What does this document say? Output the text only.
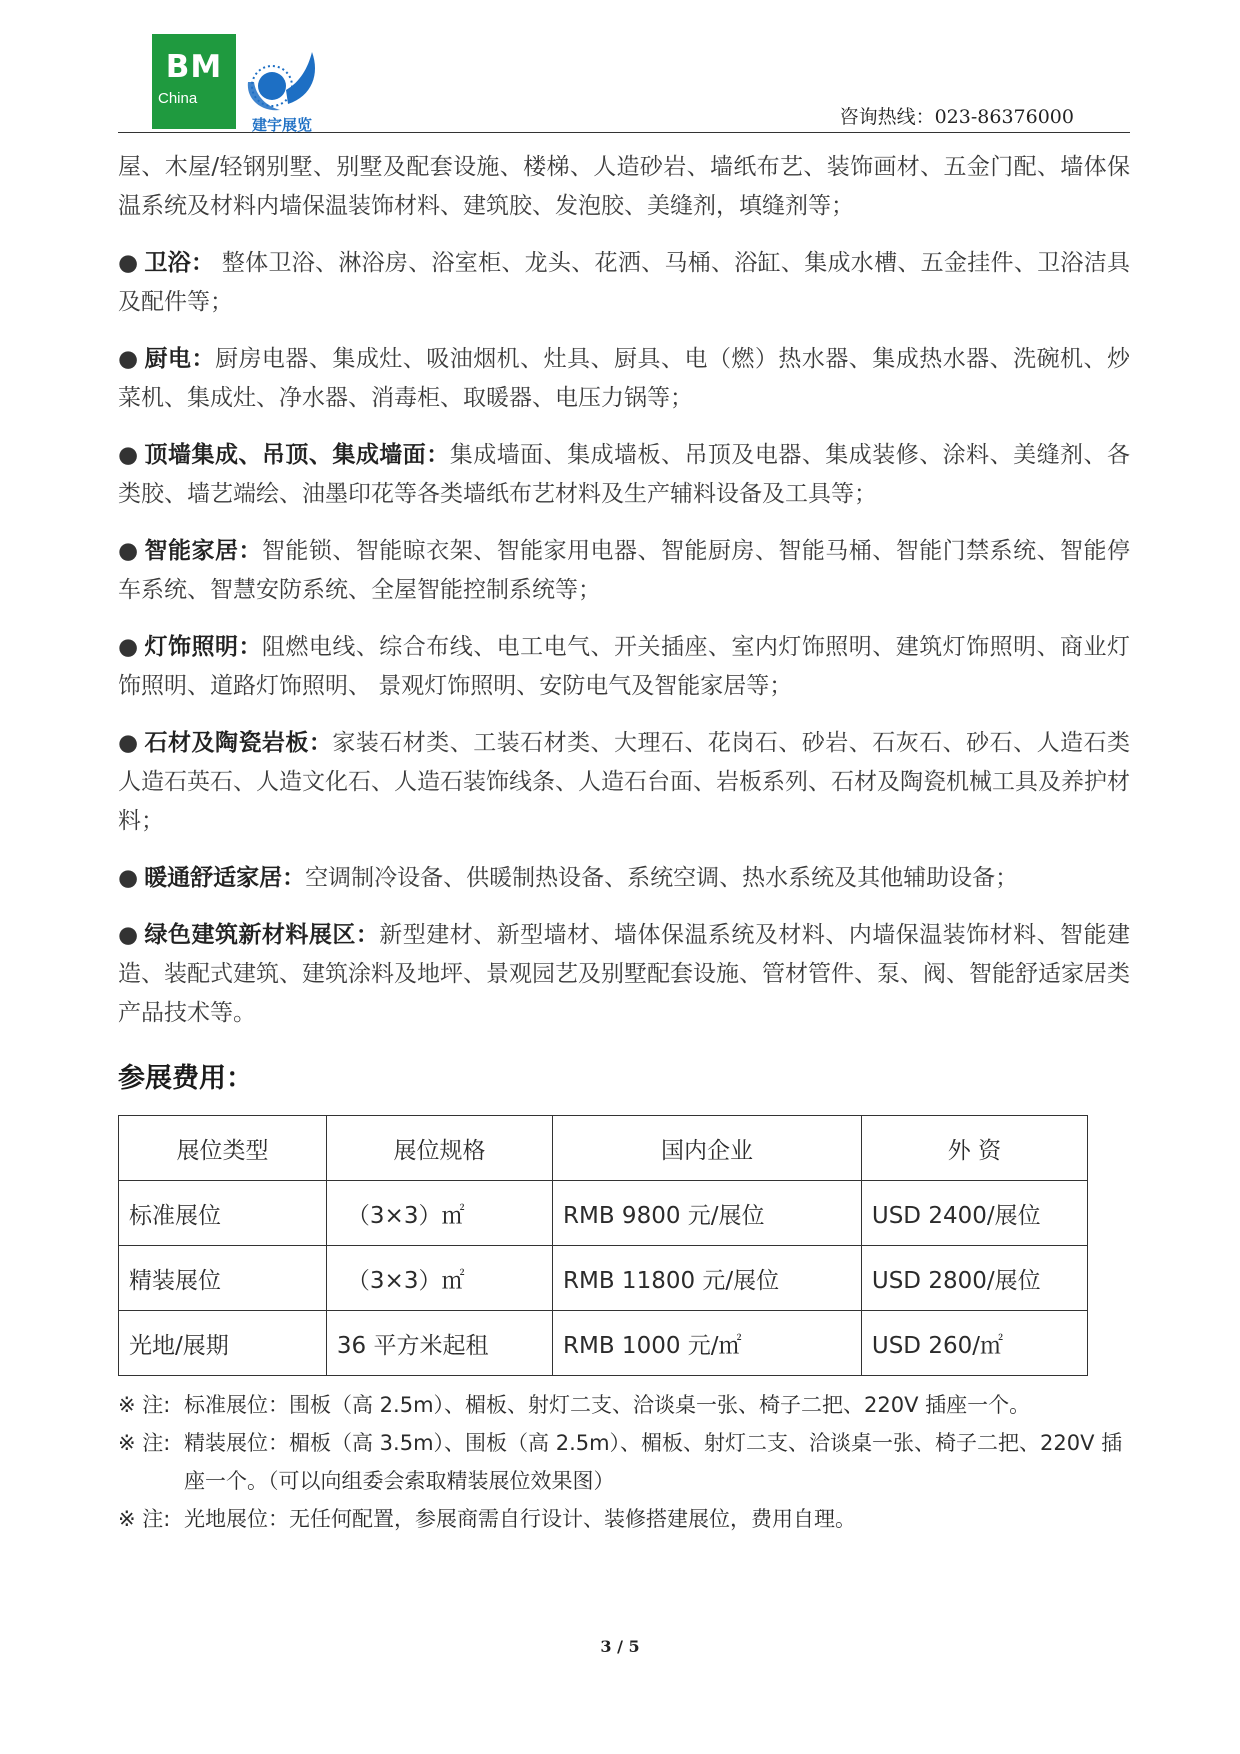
BM
China
建宇展览	咨询热线：023-86376000

屋、木屋/轻钢别墅、别墅及配套设施、楼梯、人造砂岩、墙纸布艺、装饰画材、五金门配、墙体保温系统及材料内墙保温装饰材料、建筑胶、发泡胶、美缝剂，填缝剂等；

● 卫浴： 整体卫浴、淋浴房、浴室柜、龙头、花洒、马桶、浴缸、集成水槽、五金挂件、卫浴洁具及配件等；

● 厨电：厨房电器、集成灶、吸油烟机、灶具、厨具、电（燃）热水器、集成热水器、洗碗机、炒菜机、集成灶、净水器、消毒柜、取暖器、电压力锅等；

● 顶墙集成、吊顶、集成墙面：集成墙面、集成墙板、吊顶及电器、集成装修、涂料、美缝剂、各类胶、墙艺端绘、油墨印花等各类墙纸布艺材料及生产辅料设备及工具等；

● 智能家居：智能锁、智能晾衣架、智能家用电器、智能厨房、智能马桶、智能门禁系统、智能停车系统、智慧安防系统、全屋智能控制系统等；

● 灯饰照明：阻燃电线、综合布线、电工电气、开关插座、室内灯饰照明、建筑灯饰照明、商业灯饰照明、道路灯饰照明、 景观灯饰照明、安防电气及智能家居等；

● 石材及陶瓷岩板：家装石材类、工装石材类、大理石、花岗石、砂岩、石灰石、砂石、人造石类人造石英石、人造文化石、人造石装饰线条、人造石台面、岩板系列、石材及陶瓷机械工具及养护材料；

● 暖通舒适家居：空调制冷设备、供暖制热设备、系统空调、热水系统及其他辅助设备；

● 绿色建筑新材料展区：新型建材、新型墙材、墙体保温系统及材料、内墙保温装饰材料、智能建造、装配式建筑、建筑涂料及地坪、景观园艺及别墅配套设施、管材管件、泵、阀、智能舒适家居类产品技术等。

参展费用：
展位类型	展位规格	国内企业	外 资
标准展位	（3×3）㎡	RMB 9800 元/展位	USD 2400/展位
精装展位	（3×3）㎡	RMB 11800 元/展位	USD 2800/展位
光地/展期	36 平方米起租	RMB 1000 元/㎡	USD 260/㎡
※ 注: 标准展位：围板（高 2.5m）、楣板、射灯二支、洽谈桌一张、椅子二把、220V 插座一个。
※ 注: 精装展位：楣板（高 3.5m）、围板（高 2.5m）、楣板、射灯二支、洽谈桌一张、椅子二把、220V 插座一个。（可以向组委会索取精装展位效果图）
※ 注: 光地展位：无任何配置，参展商需自行设计、装修搭建展位，费用自理。
3 / 5
